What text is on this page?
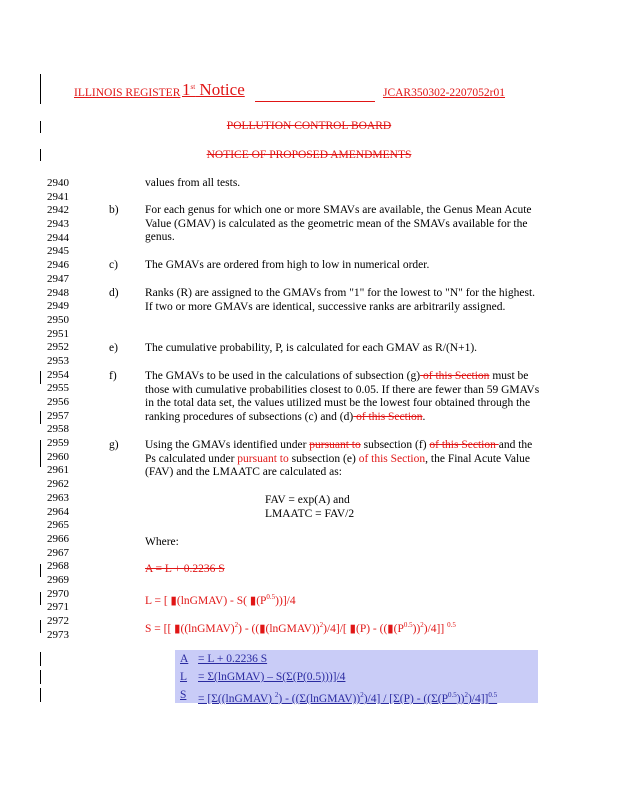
ILLINOIS REGISTER 1st Notice	JCAR350302-2207052r01
POLLUTION CONTROL BOARD
NOTICE OF PROPOSED AMENDMENTS
2940
2941
2942
2943
2944
2945
2946
2947
2948
2949
2950
2951
2952
2953
2954
2955
2956
2957
2958
2959
2960
2961
2962
2963
2964
2965
2966
2967
2968
2969
2970
2971
2972
2973
values from all tests.
b) For each genus for which one or more SMAVs are available, the Genus Mean Acute Value (GMAV) is calculated as the geometric mean of the SMAVs available for the genus.
c) The GMAVs are ordered from high to low in numerical order.
d) Ranks (R) are assigned to the GMAVs from "1" for the lowest to "N" for the highest. If two or more GMAVs are identical, successive ranks are arbitrarily assigned.
e) The cumulative probability, P, is calculated for each GMAV as R/(N+1).
f) The GMAVs to be used in the calculations of subsection (g) of this Section must be those with cumulative probabilities closest to 0.05. If there are fewer than 59 GMAVs in the total data set, the values utilized must be the lowest four obtained through the ranking procedures of subsections (c) and (d) of this Section.
g) Using the GMAVs identified under pursuant to subsection (f) of this Section and the Ps calculated under pursuant to subsection (e) of this Section, the Final Acute Value (FAV) and the LMAATC are calculated as:
FAV = exp(A) and
LMAATC = FAV/2
Where:
A = L + 0.2236 S
L = [ ▮(lnGMAV) - S( $▮(P^{0.5}))]/4$
S = [[ ▮((lnGMAV)$^2$) - ((▮(lnGMAV))$^2$)/4]/[ ▮(P) - $((▮(P^{0.5}))^2)/4$]] $^{0.5}$
A = L + 0.2236 S
L = Σ(lnGMAV) – S(Σ(P(0.5)))]/4
S = [Σ((lnGMAV) $^2$) - ((Σ(lnGMAV))$^2$)/4] / $[\Sigma(P) - ((\Sigma(P^{0.5}))^2)/4]]^{0.5}$
